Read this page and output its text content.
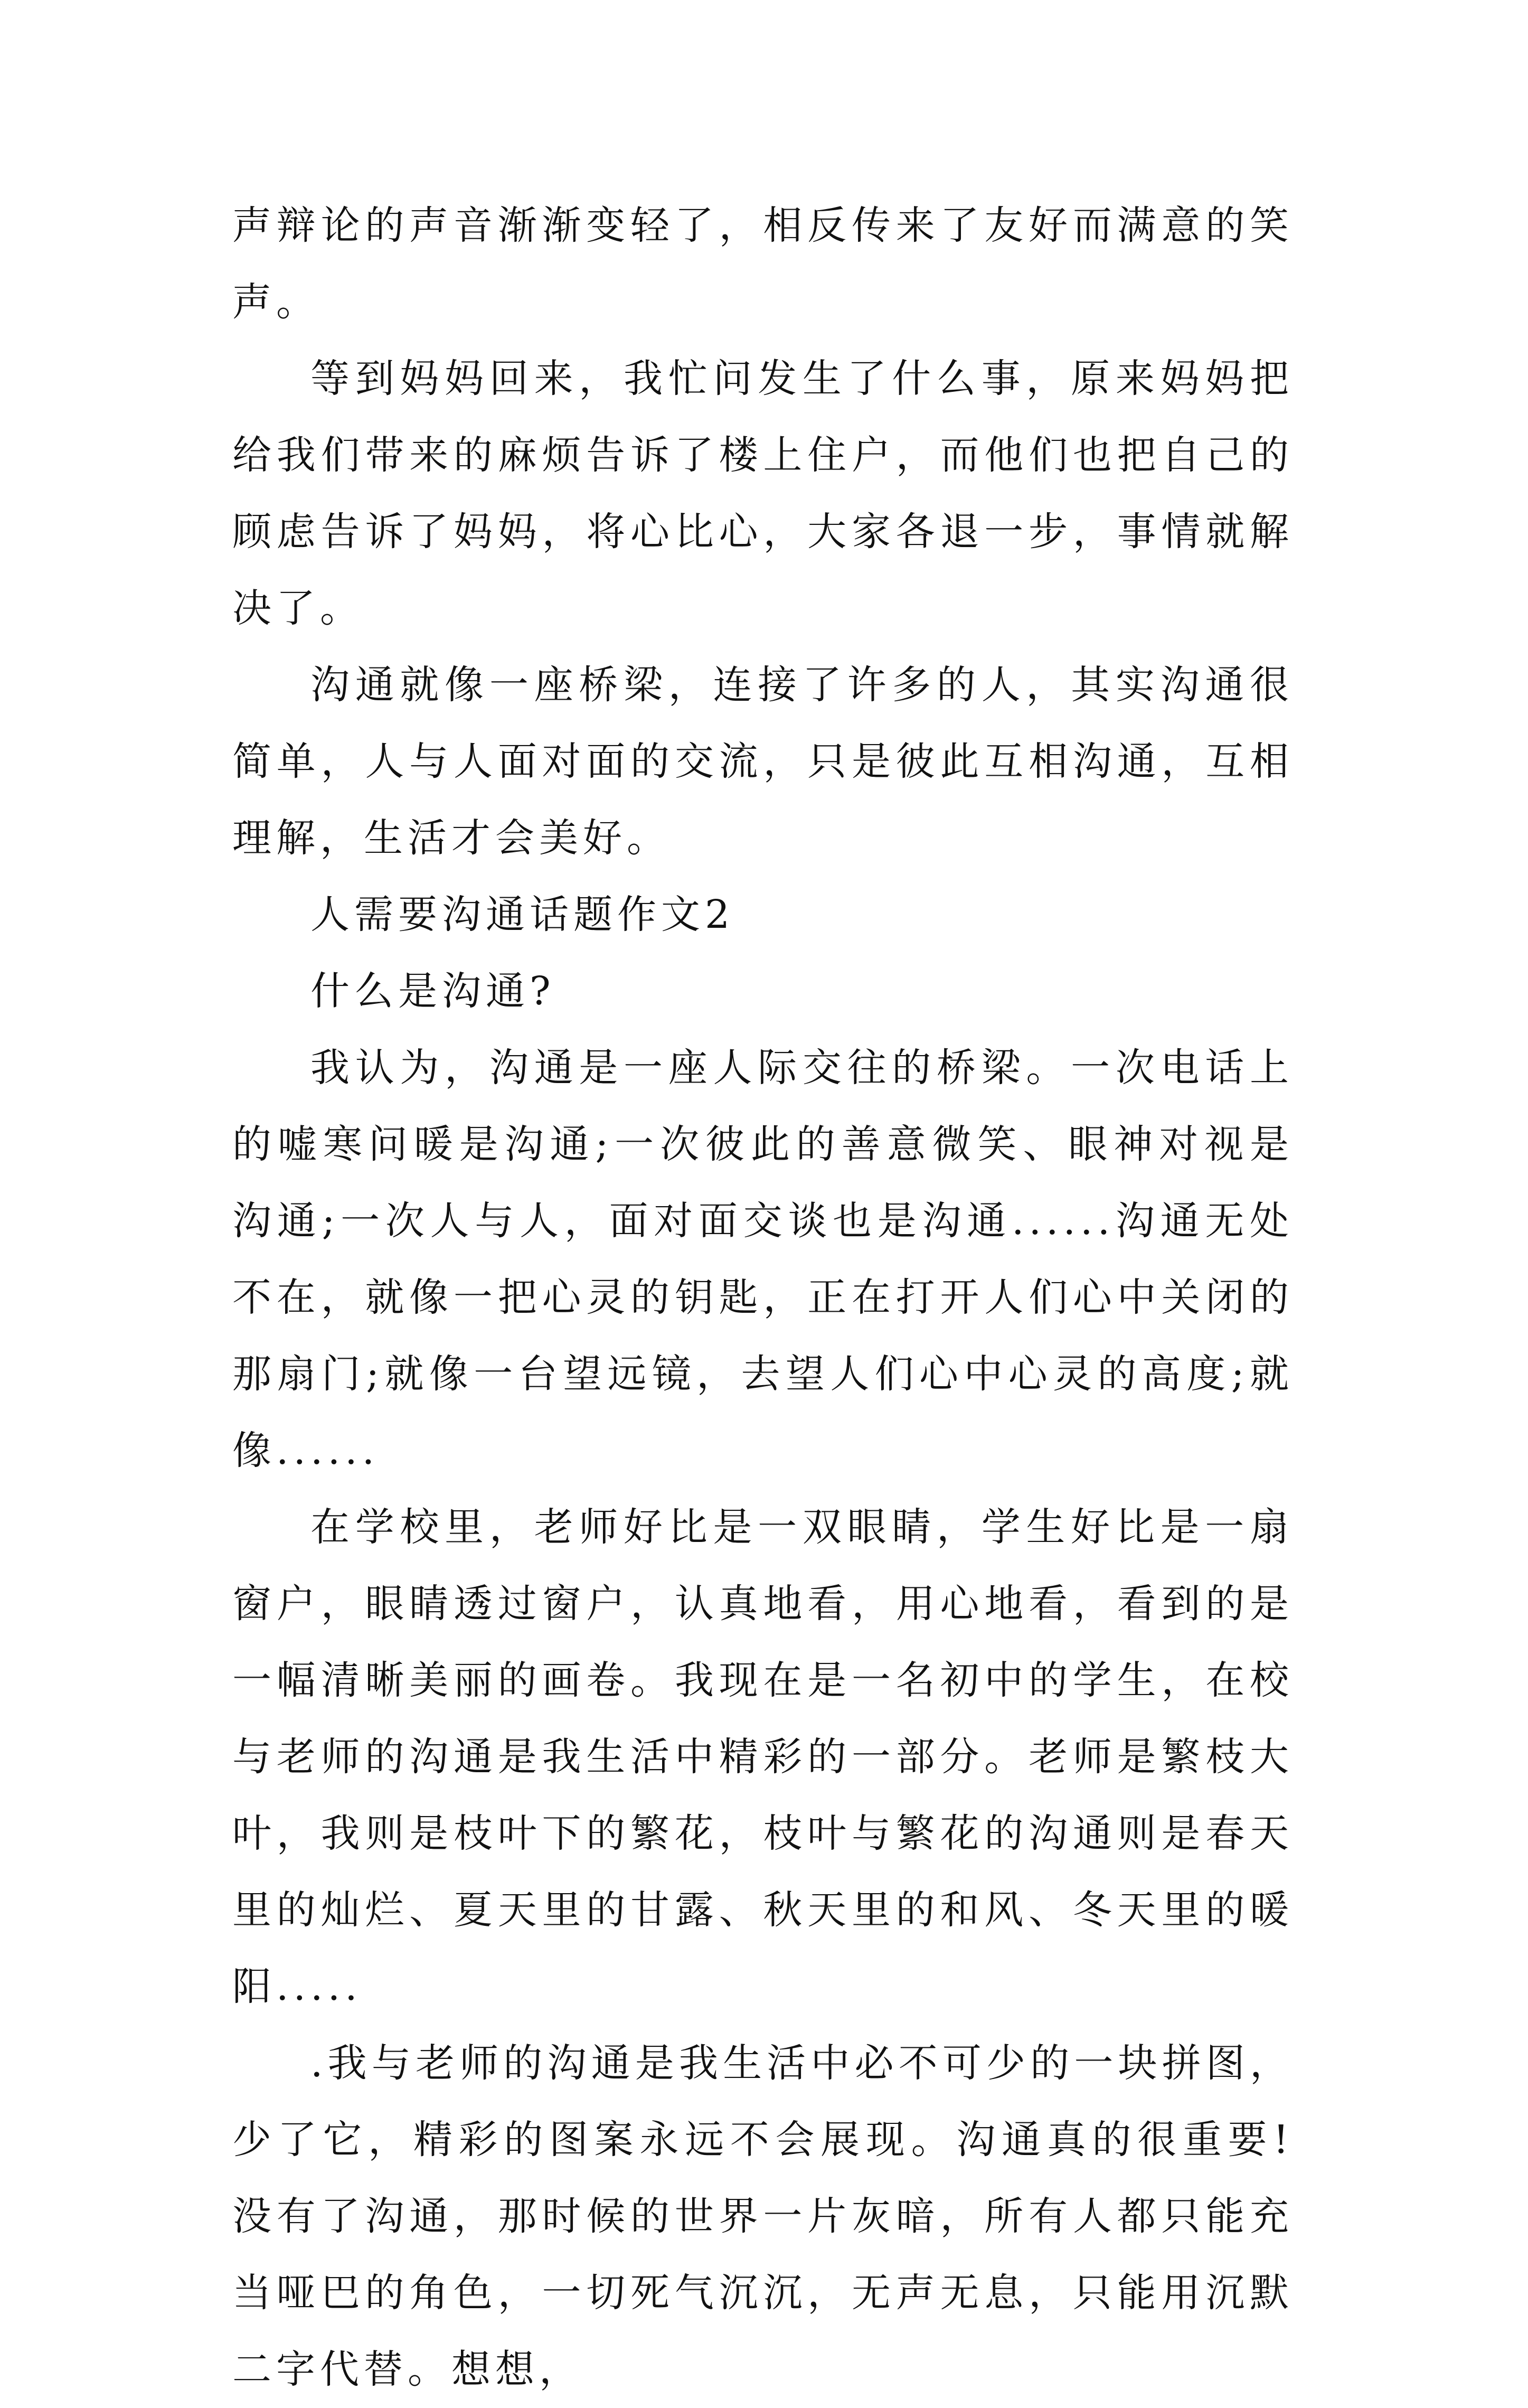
声辩论的声音渐渐变轻了，相反传来了友好而满意的笑声。

等到妈妈回来，我忙问发生了什么事，原来妈妈把给我们带来的麻烦告诉了楼上住户，而他们也把自己的顾虑告诉了妈妈，将心比心，大家各退一步，事情就解决了。

沟通就像一座桥梁，连接了许多的人，其实沟通很简单，人与人面对面的交流，只是彼此互相沟通，互相理解，生活才会美好。

人需要沟通话题作文2

什么是沟通?

我认为，沟通是一座人际交往的桥梁。一次电话上的嘘寒问暖是沟通;一次彼此的善意微笑、眼神对视是沟通;一次人与人，面对面交谈也是沟通......沟通无处不在，就像一把心灵的钥匙，正在打开人们心中关闭的那扇门;就像一台望远镜，去望人们心中心灵的高度;就像......

在学校里，老师好比是一双眼睛，学生好比是一扇窗户，眼睛透过窗户，认真地看，用心地看，看到的是一幅清晰美丽的画卷。我现在是一名初中的学生，在校与老师的沟通是我生活中精彩的一部分。老师是繁枝大叶，我则是枝叶下的繁花，枝叶与繁花的沟通则是春天里的灿烂、夏天里的甘露、秋天里的和风、冬天里的暖阳.....

.我与老师的沟通是我生活中必不可少的一块拼图，少了它，精彩的图案永远不会展现。沟通真的很重要!没有了沟通，那时候的世界一片灰暗，所有人都只能充当哑巴的角色，一切死气沉沉，无声无息，只能用沉默二字代替。想想，
